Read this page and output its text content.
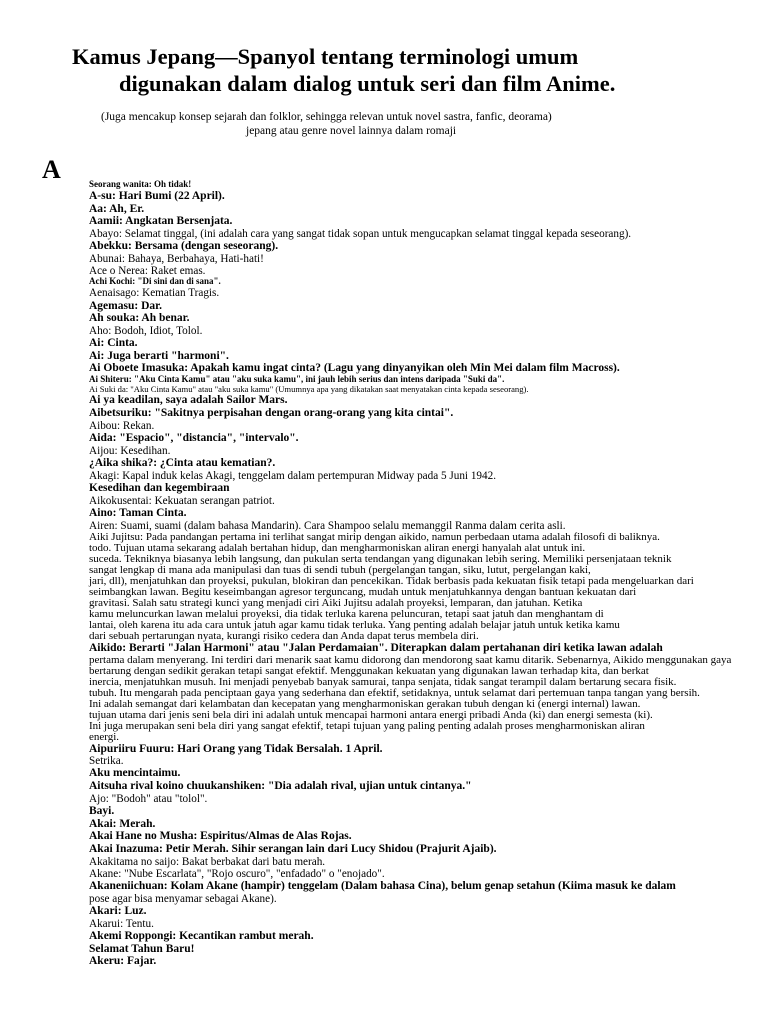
Kamus Jepang—Spanyol tentang terminologi umum
digunakan dalam dialog untuk seri dan film Anime.
(Juga mencakup konsep sejarah dan folklor, sehingga relevan untuk novel sastra, fanfic, deorama)
jepang atau genre novel lainnya dalam romaji
A	Seorang wanita: Oh tidak!
A-su: Hari Bumi (22 April).
Aa: Ah, Er.
Aamii: Angkatan Bersenjata.
Abayo: Selamat tinggal, (ini adalah cara yang sangat tidak sopan untuk mengucapkan selamat tinggal kepada seseorang).
Abekku: Bersama (dengan seseorang).
Abunai: Bahaya, Berbahaya, Hati-hati!
Ace o Nerea: Raket emas.
Achi Kochi: "Di sini dan di sana".
Aenaisago: Kematian Tragis.
Agemasu: Dar.
Ah souka: Ah benar.
Aho: Bodoh, Idiot, Tolol.
Ai: Cinta.
Ai: Juga berarti "harmoni".
Ai Oboete Imasuka: Apakah kamu ingat cinta? (Lagu yang dinyanyikan oleh Min Mei dalam film Macross).
Ai Shiteru: "Aku Cinta Kamu" atau "aku suka kamu", ini jauh lebih serius dan intens daripada "Suki da".
Ai Suki da: "Aku Cinta Kamu" atau "aku suka kamu" (Umumnya apa yang dikatakan saat menyatakan cinta kepada seseorang).
Ai ya keadilan, saya adalah Sailor Mars.
Aibetsuriku: "Sakitnya perpisahan dengan orang-orang yang kita cintai".
Aibou: Rekan.
Aida: "Espacio", "distancia", "intervalo".
Aijou: Kesedihan.
¿Aika shika?: ¿Cinta atau kematian?.
Akagi: Kapal induk kelas Akagi, tenggelam dalam pertempuran Midway pada 5 Juni 1942.
Kesedihan dan kegembiraan
Aikokusentai: Kekuatan serangan patriot.
Aino: Taman Cinta.
Airen: Suami, suami (dalam bahasa Mandarin). Cara Shampoo selalu memanggil Ranma dalam cerita asli.
Aiki Jujitsu: Pada pandangan pertama ini terlihat sangat mirip dengan aikido, namun perbedaan utama adalah filosofi di baliknya.
todo. Tujuan utama sekarang adalah bertahan hidup, dan mengharmoniskan aliran energi hanyalah alat untuk ini.
suceda. Tekniknya biasanya lebih langsung, dan pukulan serta tendangan yang digunakan lebih sering. Memiliki persenjataan teknik
sangat lengkap di mana ada manipulasi dan tuas di sendi tubuh (pergelangan tangan, siku, lutut, pergelangan kaki,
jari, dll), menjatuhkan dan proyeksi, pukulan, blokiran dan pencekikan. Tidak berbasis pada kekuatan fisik tetapi pada mengeluarkan dari
seimbangkan lawan. Begitu keseimbangan agresor terguncang, mudah untuk menjatuhkannya dengan bantuan kekuatan dari
gravitasi. Salah satu strategi kunci yang menjadi ciri Aiki Jujitsu adalah proyeksi, lemparan, dan jatuhan. Ketika
kamu meluncurkan lawan melalui proyeksi, dia tidak terluka karena peluncuran, tetapi saat jatuh dan menghantam di
lantai, oleh karena itu ada cara untuk jatuh agar kamu tidak terluka. Yang penting adalah belajar jatuh untuk ketika kamu
dari sebuah pertarungan nyata, kurangi risiko cedera dan Anda dapat terus membela diri.
Aikido: Berarti "Jalan Harmoni" atau "Jalan Perdamaian". Diterapkan dalam pertahanan diri ketika lawan adalah
pertama dalam menyerang. Ini terdiri dari menarik saat kamu didorong dan mendorong saat kamu ditarik. Sebenarnya, Aikido menggunakan gaya
bertarung dengan sedikit gerakan tetapi sangat efektif. Menggunakan kekuatan yang digunakan lawan terhadap kita, dan berkat
inercia, menjatuhkan musuh. Ini menjadi penyebab banyak samurai, tanpa senjata, tidak sangat terampil dalam bertarung secara fisik.
tubuh. Itu mengarah pada penciptaan gaya yang sederhana dan efektif, setidaknya, untuk selamat dari pertemuan tanpa tangan yang bersih.
Ini adalah semangat dari kelambatan dan kecepatan yang mengharmoniskan gerakan tubuh dengan ki (energi internal) lawan.
tujuan utama dari jenis seni bela diri ini adalah untuk mencapai harmoni antara energi pribadi Anda (ki) dan energi semesta (ki).
Ini juga merupakan seni bela diri yang sangat efektif, tetapi tujuan yang paling penting adalah proses mengharmoniskan aliran
energi.
Aipuriiru Fuuru: Hari Orang yang Tidak Bersalah. 1 April.
Setrika.
Aku mencintaimu.
Aitsuha rival koino chuukanshiken: "Dia adalah rival, ujian untuk cintanya."
Ajo: "Bodoh" atau "tolol".
Bayi.
Akai: Merah.
Akai Hane no Musha: Espiritus/Almas de Alas Rojas.
Akai Inazuma: Petir Merah. Sihir serangan lain dari Lucy Shidou (Prajurit Ajaib).
Akakitama no saijo: Bakat berbakat dari batu merah.
Akane: "Nube Escarlata", "Rojo oscuro", "enfadado" o "enojado".
Akaneniichuan: Kolam Akane (hampir) tenggelam (Dalam bahasa Cina), belum genap setahun (Kiima masuk ke dalam
pose agar bisa menyamar sebagai Akane).
Akari: Luz.
Akarui: Tentu.
Akemi Roppongi: Kecantikan rambut merah.
Selamat Tahun Baru!
Akeru: Fajar.
